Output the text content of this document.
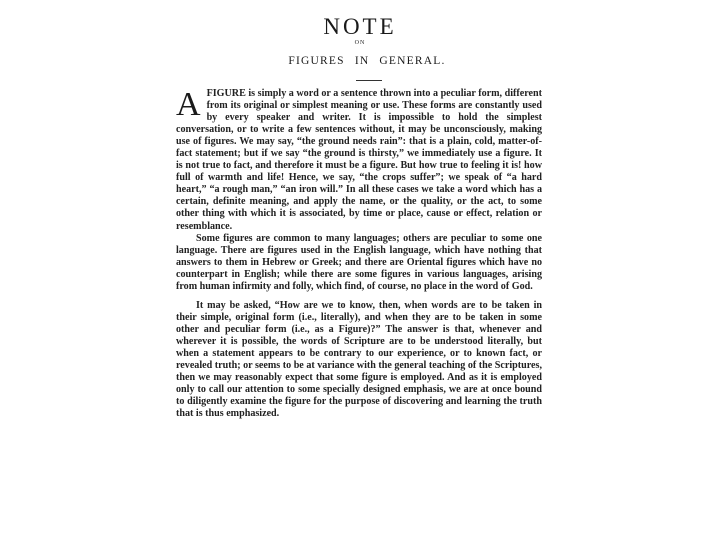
NOTE
ON
FIGURES IN GENERAL.

A FIGURE is simply a word or a sentence thrown into a peculiar form, different from its original or simplest meaning or use. These forms are constantly used by every speaker and writer. It is impossible to hold the simplest conversation, or to write a few sentences without, it may be unconsciously, making use of figures. We may say, “the ground needs rain”: that is a plain, cold, matter-of-fact statement; but if we say “the ground is thirsty,” we immediately use a figure. It is not true to fact, and therefore it must be a figure. But how true to feeling it is! how full of warmth and life! Hence, we say, “the crops suffer”; we speak of “a hard heart,” “a rough man,” “an iron will.” In all these cases we take a word which has a certain, definite meaning, and apply the name, or the quality, or the act, to some other thing with which it is associated, by time or place, cause or effect, relation or resemblance.

Some figures are common to many languages; others are peculiar to some one language. There are figures used in the English language, which have nothing that answers to them in Hebrew or Greek; and there are Oriental figures which have no counterpart in English; while there are some figures in various languages, arising from human infirmity and folly, which find, of course, no place in the word of God.

It may be asked, “How are we to know, then, when words are to be taken in their simple, original form (i.e., literally), and when they are to be taken in some other and peculiar form (i.e., as a Figure)?” The answer is that, whenever and wherever it is possible, the words of Scripture are to be understood literally, but when a statement appears to be contrary to our experience, or to known fact, or revealed truth; or seems to be at variance with the general teaching of the Scriptures, then we may reasonably expect that some figure is employed. And as it is employed only to call our attention to some specially designed emphasis, we are at once bound to diligently examine the figure for the purpose of discovering and learning the truth that is thus emphasized.
